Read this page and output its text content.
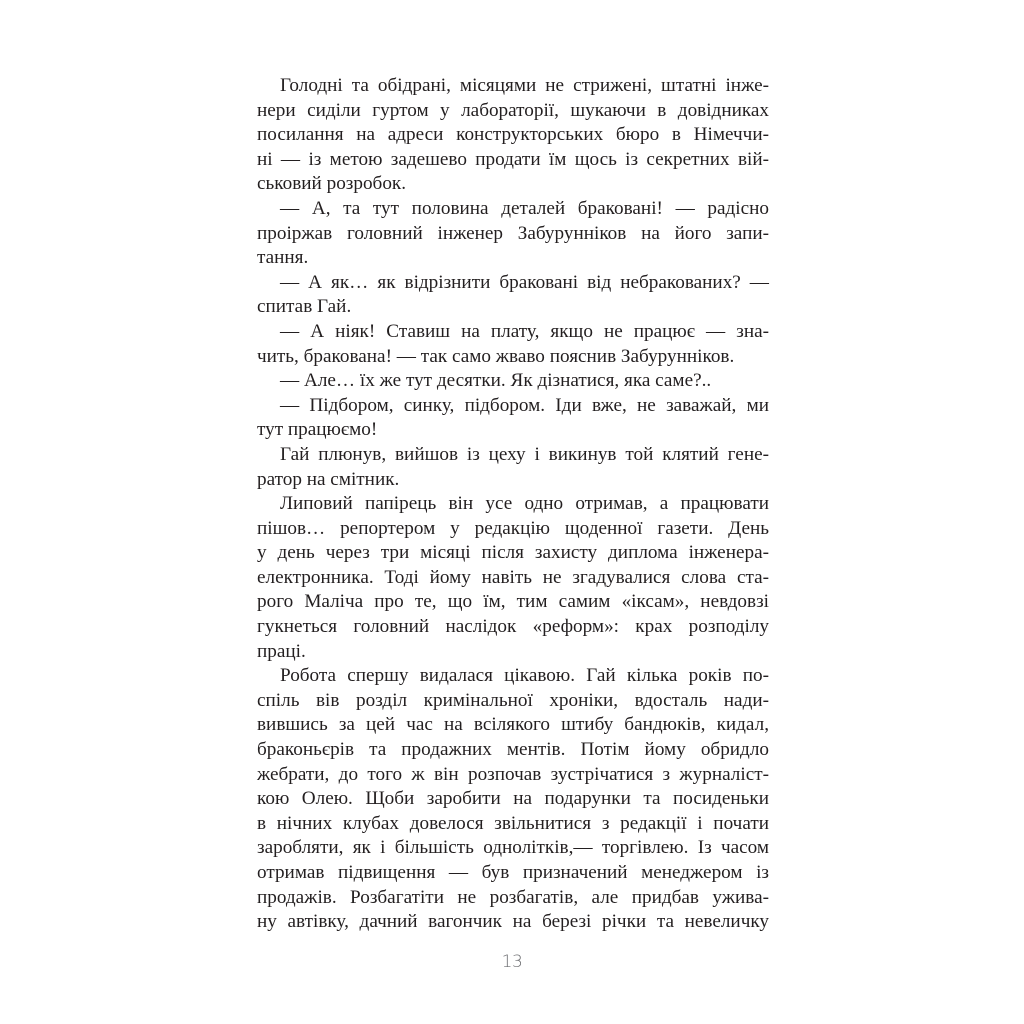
Голодні та обідрані, місяцями не стрижені, штатні інже-
нери сиділи гуртом у лабораторії, шукаючи в довідниках
посилання на адреси конструкторських бюро в Німеччи-
ні — із метою задешево продати їм щось із секретних вій-
ськовий розробок.
— А, та тут половина деталей браковані! — радісно
проіржав головний інженер Забурунніков на його запи-
тання.
— А як… як відрізнити браковані від небракованих? —
спитав Гай.
— А ніяк! Ставиш на плату, якщо не працює — зна-
чить, бракована! — так само жваво пояснив Забурунніков.
— Але… їх же тут десятки. Як дізнатися, яка саме?..
— Підбором, синку, підбором. Іди вже, не заважай, ми
тут працюємо!
Гай плюнув, вийшов із цеху і викинув той клятий гене-
ратор на смітник.
Липовий папірець він усе одно отримав, а працювати
пішов… репортером у редакцію щоденної газети. День
у день через три місяці після захисту диплома інженера-
електронника. Тоді йому навіть не згадувалися слова ста-
рого Маліча про те, що їм, тим самим «іксам», невдовзі
гукнеться головний наслідок «реформ»: крах розподілу
праці.
Робота спершу видалася цікавою. Гай кілька років по-
спіль вів розділ кримінальної хроніки, вдосталь нади-
вившись за цей час на всілякого штибу бандюків, кидал,
браконьєрів та продажних ментів. Потім йому обридло
жебрати, до того ж він розпочав зустрічатися з журналіст-
кою Олею. Щоби заробити на подарунки та посиденьки
в нічних клубах довелося звільнитися з редакції і почати
заробляти, як і більшість однолітків,— торгівлею. Із часом
отримав підвищення — був призначений менеджером із
продажів. Розбагатіти не розбагатів, але придбав ужива-
ну автівку, дачний вагончик на березі річки та невеличку
13
